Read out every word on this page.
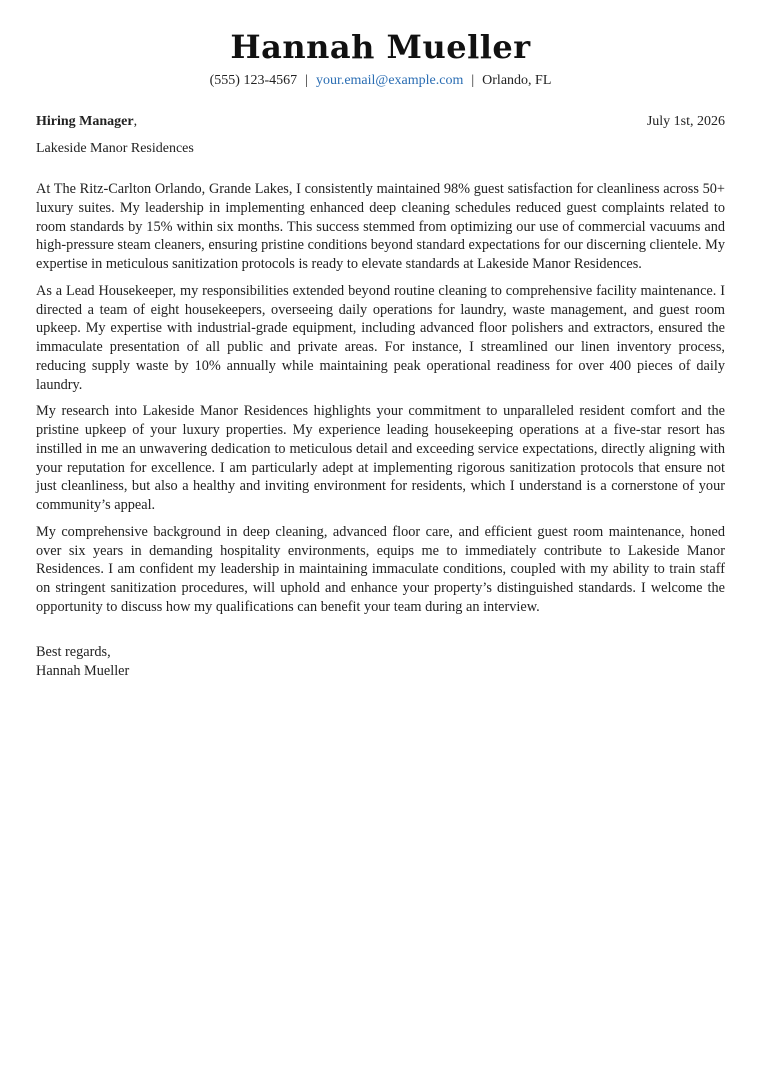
Hannah Mueller
(555) 123-4567 | your.email@example.com | Orlando, FL
Hiring Manager,	July 1st, 2026
Lakeside Manor Residences

At The Ritz-Carlton Orlando, Grande Lakes, I consistently maintained 98% guest satisfaction for cleanliness across 50+ luxury suites. My leadership in implementing enhanced deep cleaning schedules reduced guest complaints related to room standards by 15% within six months. This success stemmed from optimizing our use of commercial vacuums and high-pressure steam cleaners, ensuring pristine conditions beyond standard expectations for our discerning clientele. My expertise in meticulous sanitization protocols is ready to elevate standards at Lakeside Manor Residences.

As a Lead Housekeeper, my responsibilities extended beyond routine cleaning to comprehensive facility maintenance. I directed a team of eight housekeepers, overseeing daily operations for laundry, waste management, and guest room upkeep. My expertise with industrial-grade equipment, including advanced floor polishers and extractors, ensured the immaculate presentation of all public and private areas. For instance, I streamlined our linen inventory process, reducing supply waste by 10% annually while maintaining peak operational readiness for over 400 pieces of daily laundry.

My research into Lakeside Manor Residences highlights your commitment to unparalleled resident comfort and the pristine upkeep of your luxury properties. My experience leading housekeeping operations at a five-star resort has instilled in me an unwavering dedication to meticulous detail and exceeding service expectations, directly aligning with your reputation for excellence. I am particularly adept at implementing rigorous sanitization protocols that ensure not just cleanliness, but also a healthy and inviting environment for residents, which I understand is a cornerstone of your community’s appeal.

My comprehensive background in deep cleaning, advanced floor care, and efficient guest room maintenance, honed over six years in demanding hospitality environments, equips me to immediately contribute to Lakeside Manor Residences. I am confident my leadership in maintaining immaculate conditions, coupled with my ability to train staff on stringent sanitization procedures, will uphold and enhance your property’s distinguished standards. I welcome the opportunity to discuss how my qualifications can benefit your team during an interview.

Best regards,
Hannah Mueller
